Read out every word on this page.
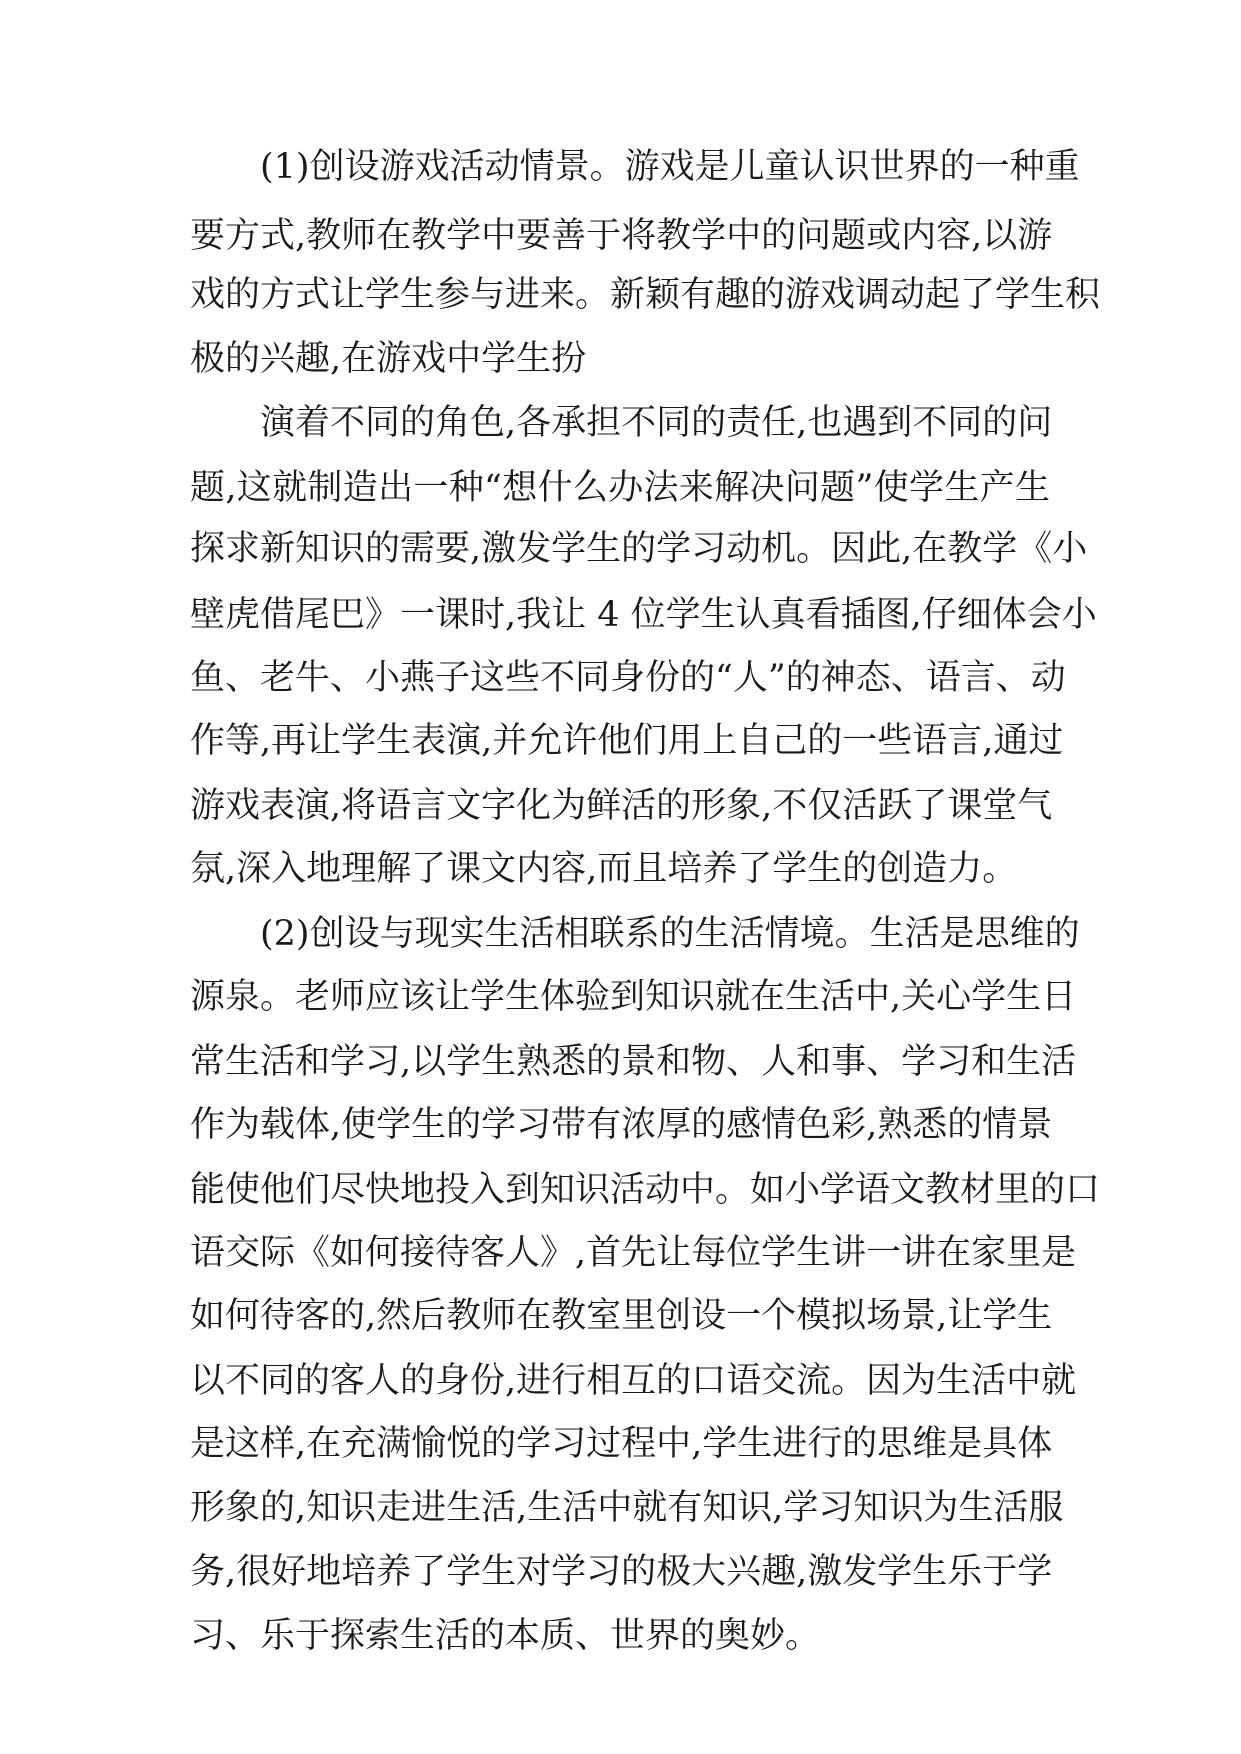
(1)创设游戏活动情景。游戏是儿童认识世界的一种重
要方式,教师在教学中要善于将教学中的问题或内容,以游
戏的方式让学生参与进来。新颖有趣的游戏调动起了学生积
极的兴趣,在游戏中学生扮
演着不同的角色,各承担不同的责任,也遇到不同的问
题,这就制造出一种“想什么办法来解决问题”使学生产生
探求新知识的需要,激发学生的学习动机。因此,在教学《小
壁虎借尾巴》一课时,我让 4 位学生认真看插图,仔细体会小
鱼、老牛、小燕子这些不同身份的“人”的神态、语言、动
作等,再让学生表演,并允许他们用上自己的一些语言,通过
游戏表演,将语言文字化为鲜活的形象,不仅活跃了课堂气
氛,深入地理解了课文内容,而且培养了学生的创造力。
(2)创设与现实生活相联系的生活情境。生活是思维的
源泉。老师应该让学生体验到知识就在生活中,关心学生日
常生活和学习,以学生熟悉的景和物、人和事、学习和生活
作为载体,使学生的学习带有浓厚的感情色彩,熟悉的情景
能使他们尽快地投入到知识活动中。如小学语文教材里的口
语交际《如何接待客人》,首先让每位学生讲一讲在家里是
如何待客的,然后教师在教室里创设一个模拟场景,让学生
以不同的客人的身份,进行相互的口语交流。因为生活中就
是这样,在充满愉悦的学习过程中,学生进行的思维是具体
形象的,知识走进生活,生活中就有知识,学习知识为生活服
务,很好地培养了学生对学习的极大兴趣,激发学生乐于学
习、乐于探索生活的本质、世界的奥妙。
